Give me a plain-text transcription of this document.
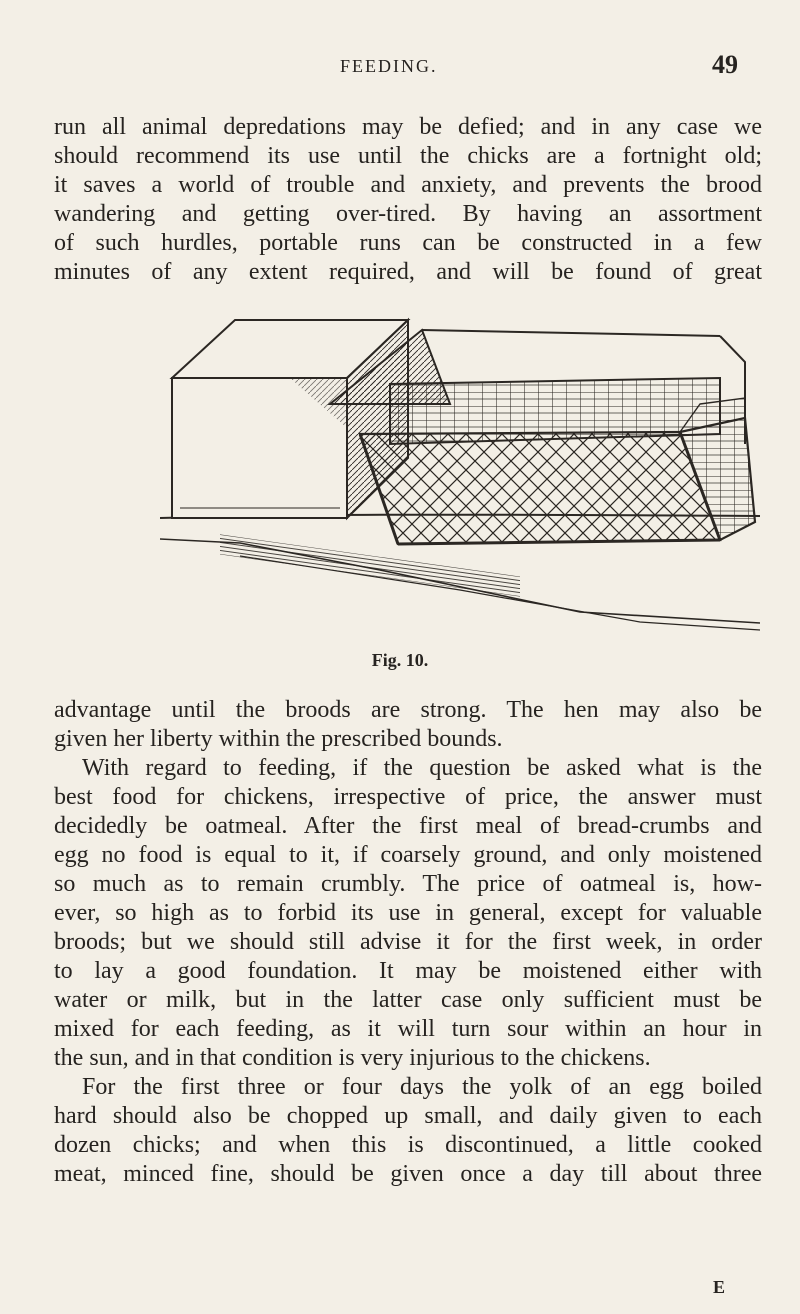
FEEDING.	49
run all animal depredations may be defied; and in any case we
should recommend its use until the chicks are a fortnight old;
it saves a world of trouble and anxiety, and prevents the brood
wandering and getting over-tired. By having an assortment
of such hurdles, portable runs can be constructed in a few
minutes of any extent required, and will be found of great
Fig. 10.
advantage until the broods are strong. The hen may also be
given her liberty within the prescribed bounds.
With regard to feeding, if the question be asked what is the
best food for chickens, irrespective of price, the answer must
decidedly be oatmeal. After the first meal of bread-crumbs and
egg no food is equal to it, if coarsely ground, and only moistened
so much as to remain crumbly. The price of oatmeal is, how-
ever, so high as to forbid its use in general, except for valuable
broods; but we should still advise it for the first week, in order
to lay a good foundation. It may be moistened either with
water or milk, but in the latter case only sufficient must be
mixed for each feeding, as it will turn sour within an hour in
the sun, and in that condition is very injurious to the chickens.
For the first three or four days the yolk of an egg boiled
hard should also be chopped up small, and daily given to each
dozen chicks; and when this is discontinued, a little cooked
meat, minced fine, should be given once a day till about three
E
